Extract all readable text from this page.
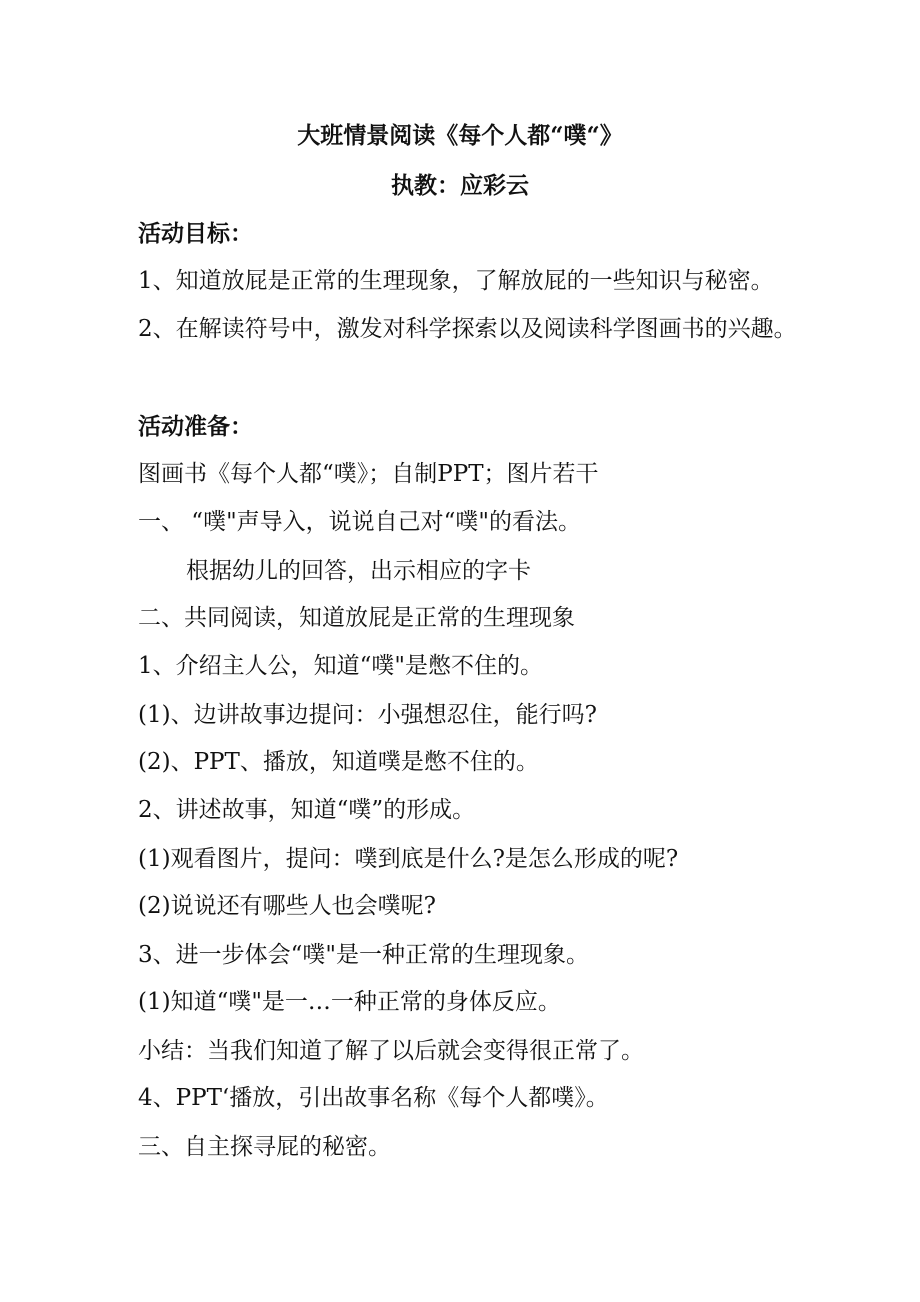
大班情景阅读《每个人都“噗“》
执教：应彩云
活动目标：
1、知道放屁是正常的生理现象，了解放屁的一些知识与秘密。
2、在解读符号中，激发对科学探索以及阅读科学图画书的兴趣。
活动准备：
图画书《每个人都“噗》；自制PPT；图片若干
一、 “噗"声导入，说说自己对“噗"的看法。
根据幼儿的回答，出示相应的字卡
二、共同阅读，知道放屁是正常的生理现象
1、介绍主人公，知道“噗"是憋不住的。
(1)、边讲故事边提问：小强想忍住，能行吗?
(2)、PPT、播放，知道噗是憋不住的。
2、讲述故事，知道“噗”的形成。
(1)观看图片，提问：噗到底是什么?是怎么形成的呢?
(2)说说还有哪些人也会噗呢?
3、进一步体会“噗"是一种正常的生理现象。
(1)知道“噗"是一…一种正常的身体反应。
小结：当我们知道了解了以后就会变得很正常了。
4、PPT‘播放，引出故事名称《每个人都噗》。
三、自主探寻屁的秘密。
